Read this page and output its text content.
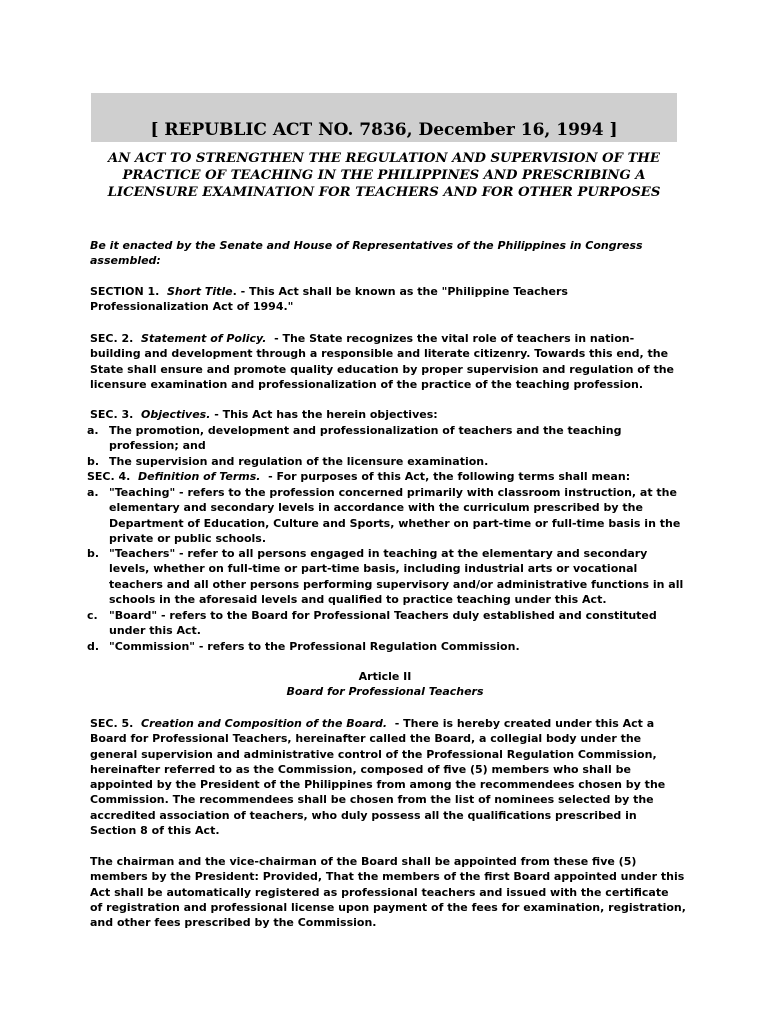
[ REPUBLIC ACT NO. 7836, December 16, 1994 ]
AN ACT TO STRENGTHEN THE REGULATION AND SUPERVISION OF THE
PRACTICE OF TEACHING IN THE PHILIPPINES AND PRESCRIBING A
LICENSURE EXAMINATION FOR TEACHERS AND FOR OTHER PURPOSES
Be it enacted by the Senate and House of Representatives of the Philippines in Congress
assembled:
SECTION 1. Short Title. - This Act shall be known as the "Philippine Teachers
Professionalization Act of 1994."
SEC. 2. Statement of Policy.  - The State recognizes the vital role of teachers in nation-
building and development through a responsible and literate citizenry. Towards this end, the
State shall ensure and promote quality education by proper supervision and regulation of the
licensure examination and professionalization of the practice of the teaching profession.
SEC. 3. Objectives. - This Act has the herein objectives:
a. The promotion, development and professionalization of teachers and the teaching
profession; and
b. The supervision and regulation of the licensure examination.
SEC. 4. Definition of Terms.  - For purposes of this Act, the following terms shall mean:
a. "Teaching" - refers to the profession concerned primarily with classroom instruction, at the
elementary and secondary levels in accordance with the curriculum prescribed by the
Department of Education, Culture and Sports, whether on part-time or full-time basis in the
private or public schools.
b. "Teachers" - refer to all persons engaged in teaching at the elementary and secondary
levels, whether on full-time or part-time basis, including industrial arts or vocational
teachers and all other persons performing supervisory and/or administrative functions in all
schools in the aforesaid levels and qualified to practice teaching under this Act.
c.	"Board" - refers to the Board for Professional Teachers duly established and constituted
under this Act.
d. "Commission" - refers to the Professional Regulation Commission.
Article II
Board for Professional Teachers
SEC. 5. Creation and Composition of the Board.  - There is hereby created under this Act a
Board for Professional Teachers, hereinafter called the Board, a collegial body under the
general supervision and administrative control of the Professional Regulation Commission,
hereinafter referred to as the Commission, composed of five (5) members who shall be
appointed by the President of the Philippines from among the recommendees chosen by the
Commission. The recommendees shall be chosen from the list of nominees selected by the
accredited association of teachers, who duly possess all the qualifications prescribed in
Section 8 of this Act.
The chairman and the vice-chairman of the Board shall be appointed from these five (5)
members by the President: Provided, That the members of the first Board appointed under this
Act shall be automatically registered as professional teachers and issued with the certificate
of registration and professional license upon payment of the fees for examination, registration,
and other fees prescribed by the Commission.
